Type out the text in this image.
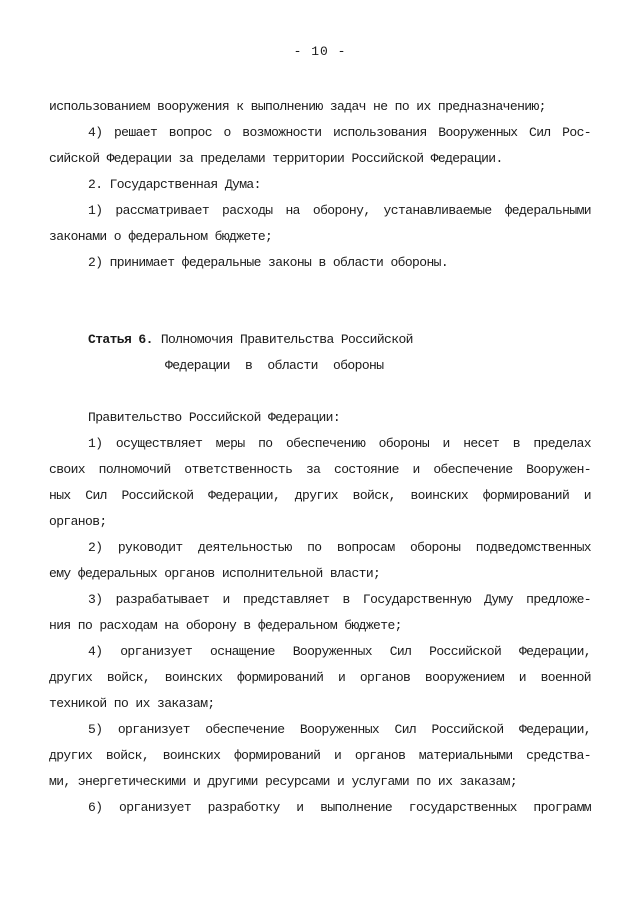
- 10 -
использованием вооружения к выполнению задач не по их предназначению;
4) решает вопрос о возможности использования Вооруженных Сил Рос-
сийской Федерации за пределами территории Российской Федерации.
2. Государственная Дума:
1) рассматривает расходы на оборону, устанавливаемые федеральными
законами о федеральном бюджете;
2) принимает федеральные законы в области обороны.
Статья 6. Полномочия Правительства Российской
Федерации в области обороны
Правительство Российской Федерации:
1) осуществляет меры по обеспечению обороны и несет в пределах
своих полномочий ответственность за состояние и обеспечение Вооружен-
ных Сил Российской Федерации, других войск, воинских формирований и
органов;
2) руководит деятельностью по вопросам обороны подведомственных
ему федеральных органов исполнительной власти;
3) разрабатывает и представляет в Государственную Думу предложе-
ния по расходам на оборону в федеральном бюджете;
4) организует оснащение Вооруженных Сил Российской Федерации,
других войск, воинских формирований и органов вооружением и военной
техникой по их заказам;
5) организует обеспечение Вооруженных Сил Российской Федерации,
других войск, воинских формирований и органов материальными средства-
ми, энергетическими и другими ресурсами и услугами по их заказам;
6) организует разработку и выполнение государственных программ
